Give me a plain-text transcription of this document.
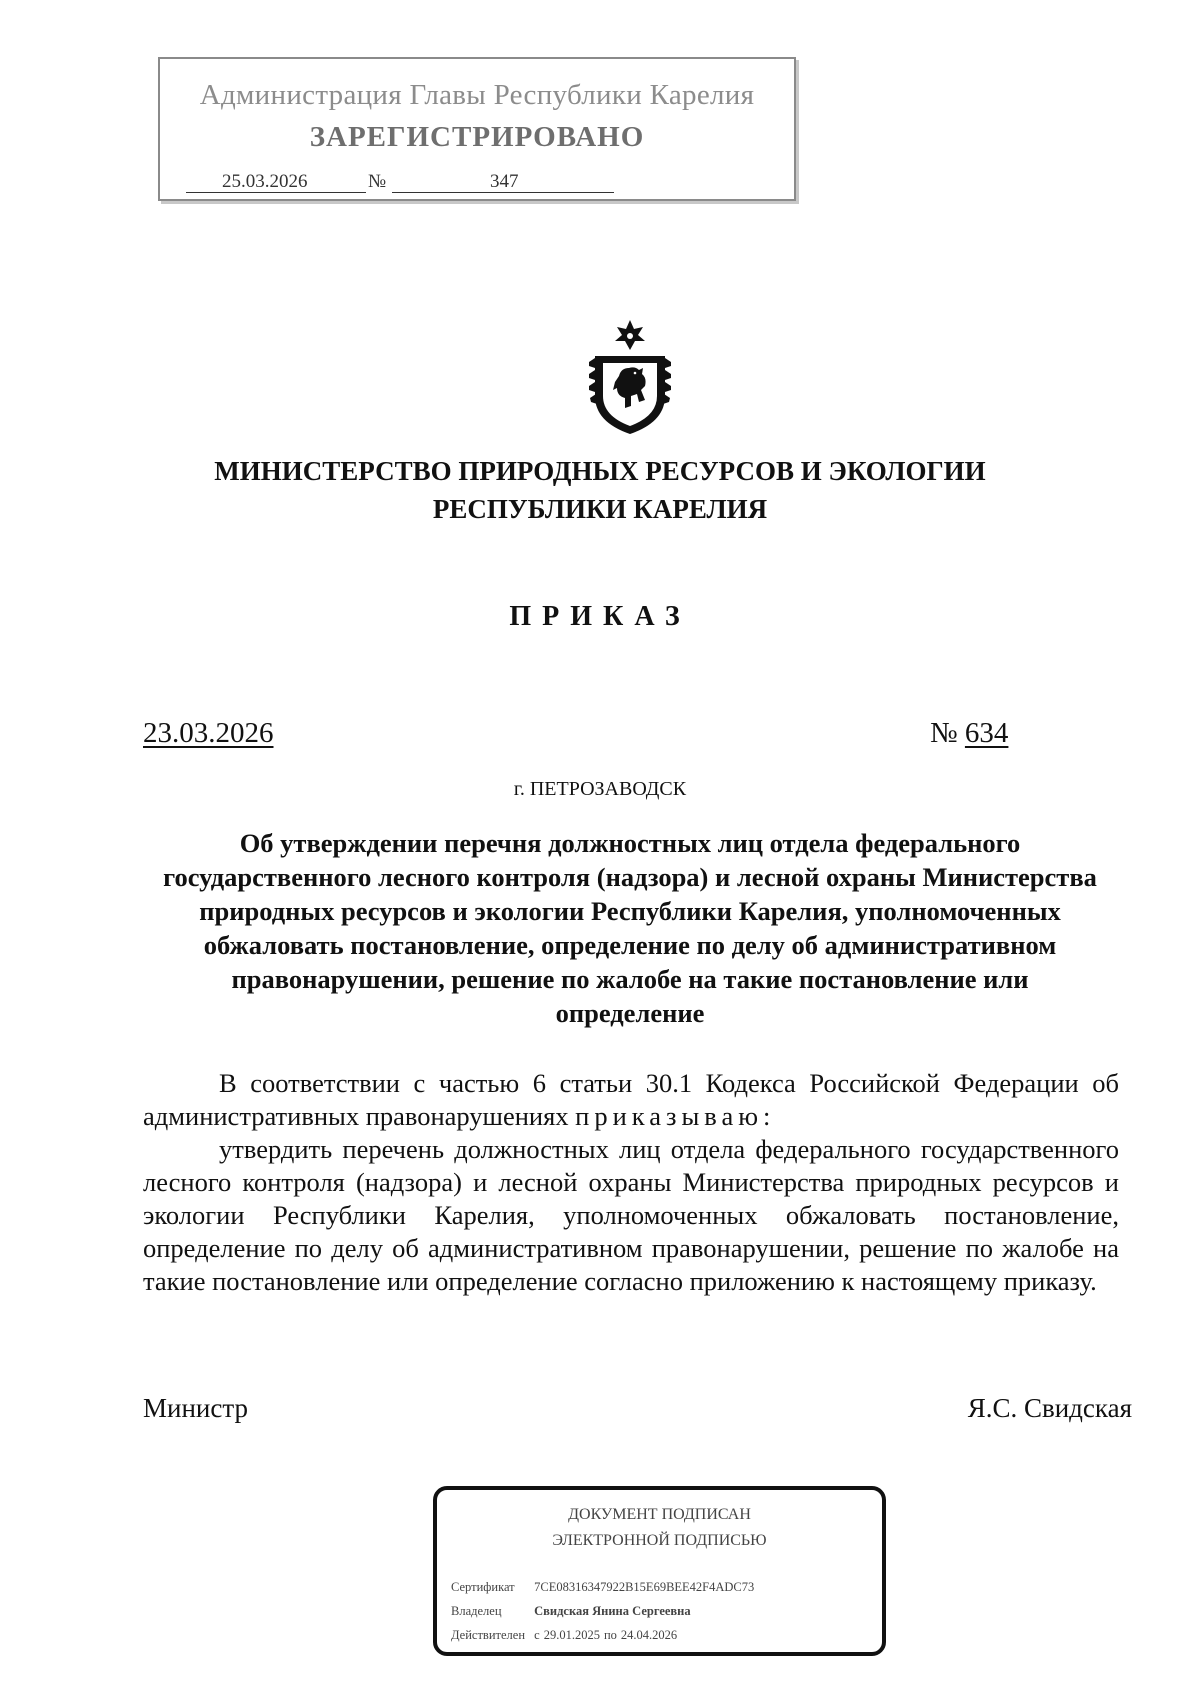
Администрация Главы Республики Карелия
ЗАРЕГИСТРИРОВАНО
25.03.2026	№	347
МИНИСТЕРСТВО ПРИРОДНЫХ РЕСУРСОВ И ЭКОЛОГИИ
РЕСПУБЛИКИ КАРЕЛИЯ
ПРИКАЗ
23.03.2026	№ 634
г. ПЕТРОЗАВОДСК
Об утверждении перечня должностных лиц отдела федерального государственного лесного контроля (надзора) и лесной охраны Министерства природных ресурсов и экологии Республики Карелия, уполномоченных обжаловать постановление, определение по делу об административном правонарушении, решение по жалобе на такие постановление или определение

В соответствии с частью 6 статьи 30.1 Кодекса Российской Федерации об административных правонарушениях приказываю:

утвердить перечень должностных лиц отдела федерального государственного лесного контроля (надзора) и лесной охраны Министерства природных ресурсов и экологии Республики Карелия, уполномоченных обжаловать постановление, определение по делу об административном правонарушении, решение по жалобе на такие постановление или определение согласно приложению к настоящему приказу.

Министр	Я.С. Свидская
ДОКУМЕНТ ПОДПИСАН
ЭЛЕКТРОННОЙ ПОДПИСЬЮ
Сертификат 7CE08316347922B15E69BEE42F4ADC73
Владелец	Свидская Янина Сергеевна
Действителен с 29.01.2025 по 24.04.2026
